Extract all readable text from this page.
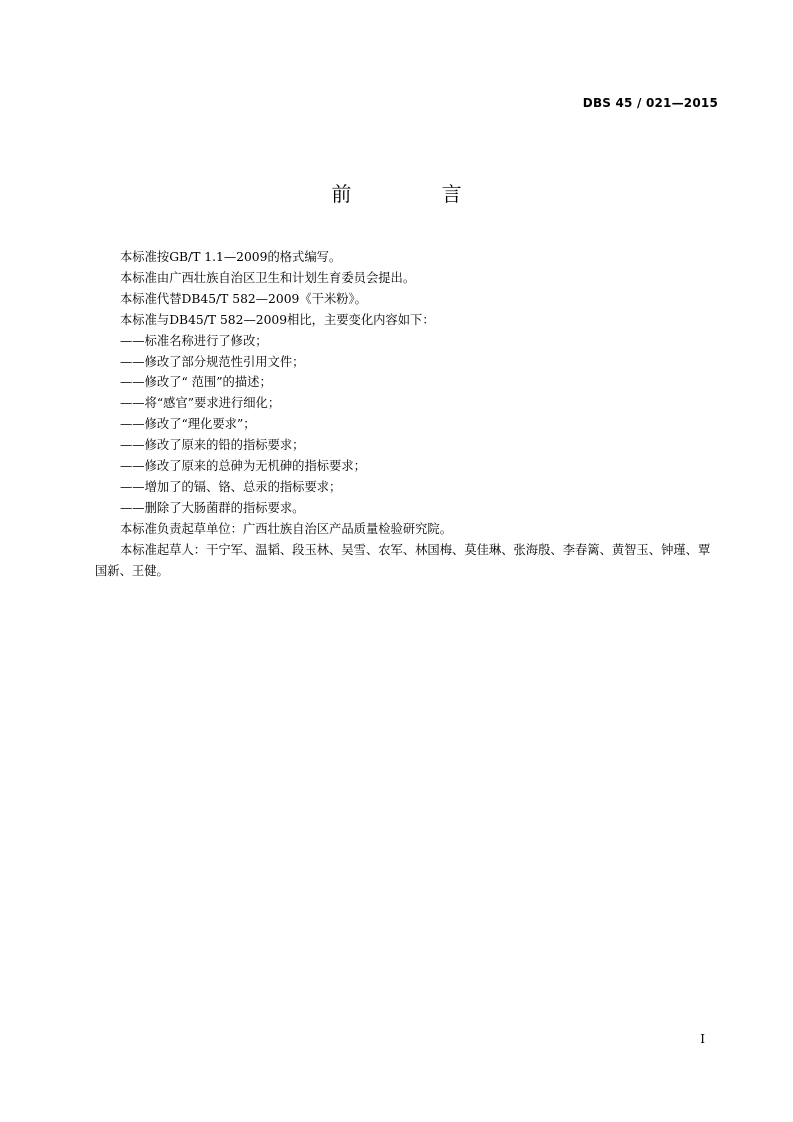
DBS 45 / 021—2015
前 言
本标准按GB/T 1.1—2009的格式编写。
本标准由广西壮族自治区卫生和计划生育委员会提出。
本标准代替DB45/T 582—2009《干米粉》。
本标准与DB45/T 582—2009相比，主要变化内容如下：
——标准名称进行了修改；
——修改了部分规范性引用文件；
——修改了“ 范围”的描述；
——将“感官”要求进行细化；
——修改了“理化要求”；
——修改了原来的铅的指标要求；
——修改了原来的总砷为无机砷的指标要求；
——增加了的镉、铬、总汞的指标要求；
——删除了大肠菌群的指标要求。
本标准负责起草单位：广西壮族自治区产品质量检验研究院。
本标准起草人：干宁军、温韬、段玉林、吴雪、农军、林国梅、莫佳琳、张海殷、李春篱、黄智玉、钟瑾、覃国新、王健。
I
